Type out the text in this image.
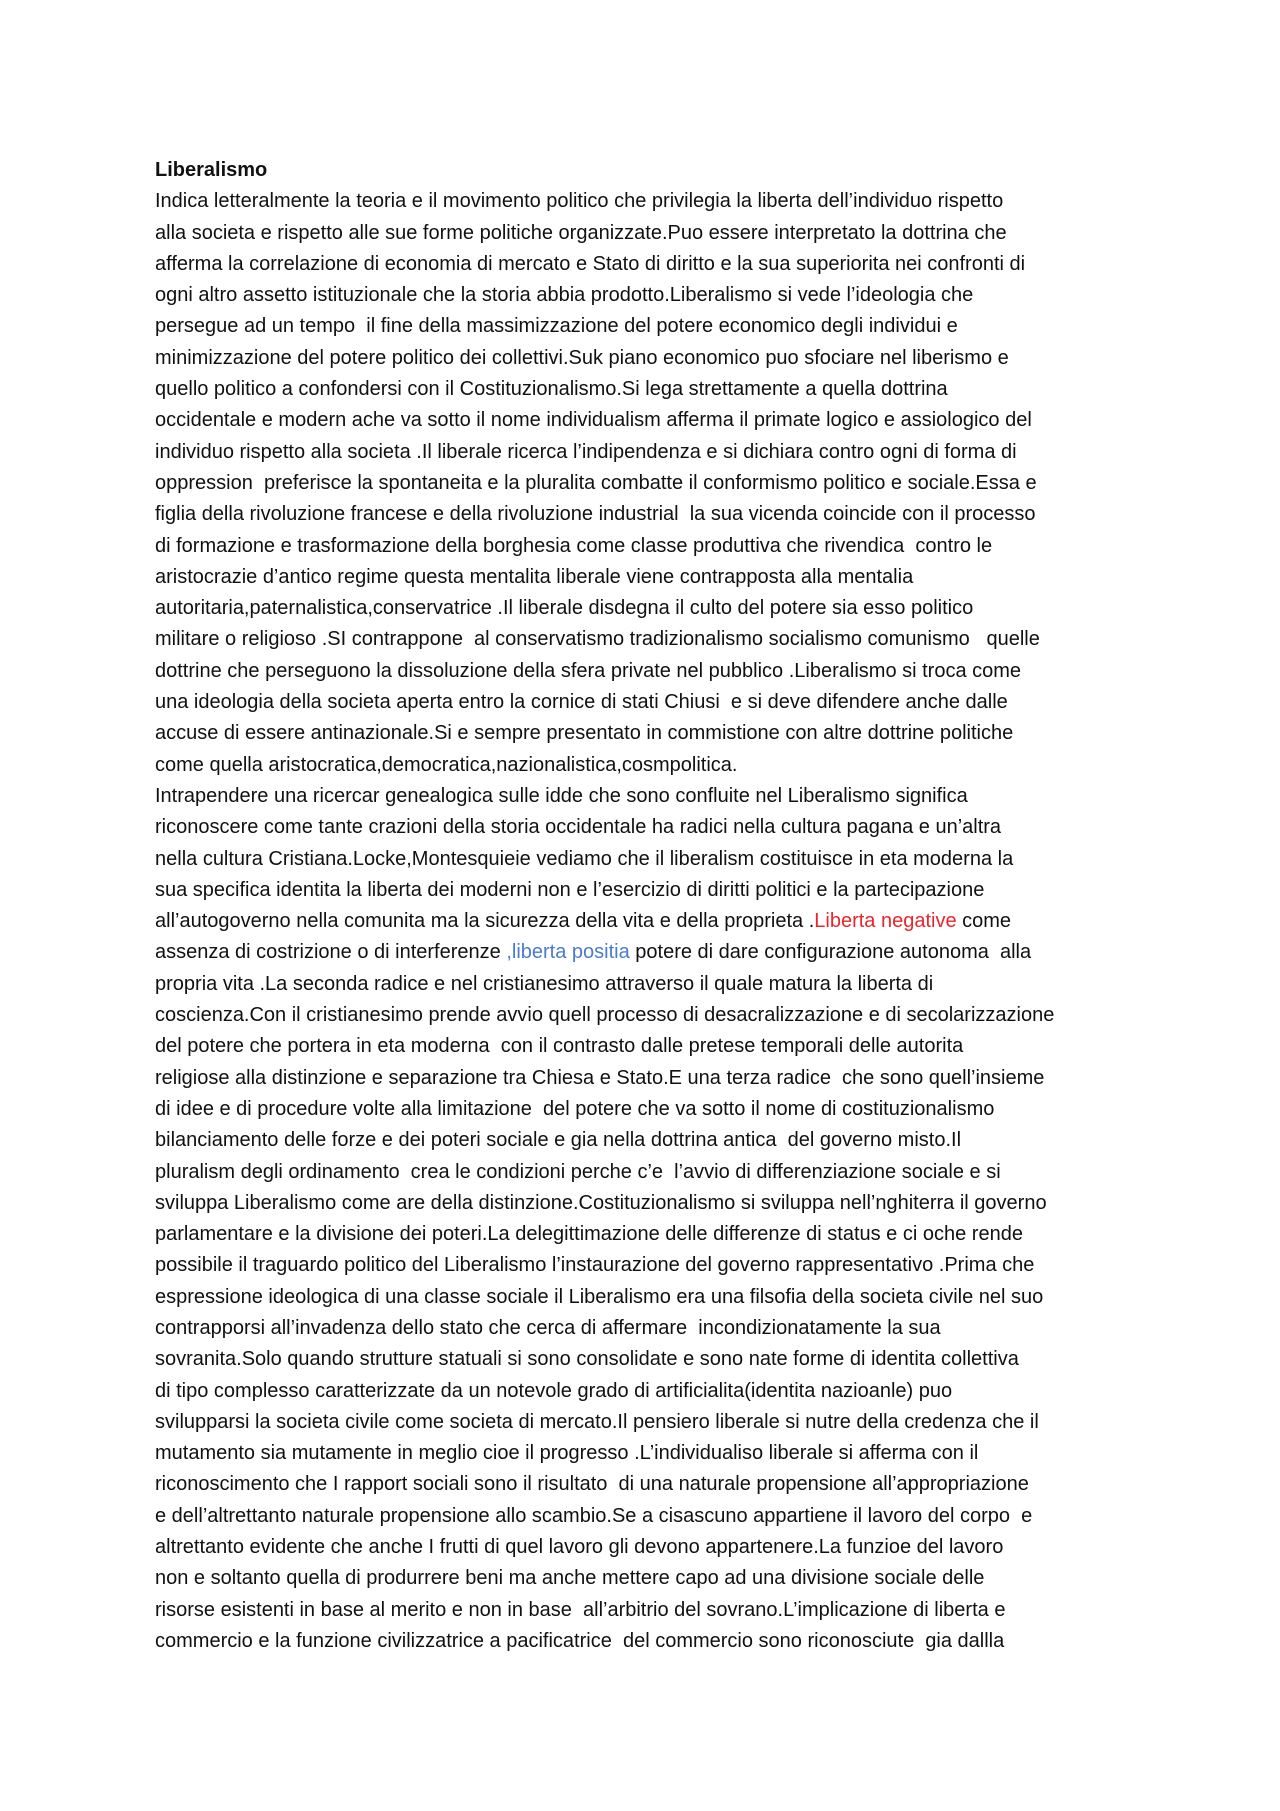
Liberalismo
Indica letteralmente la teoria e il movimento politico che privilegia la liberta dell’individuo rispetto
alla societa e rispetto alle sue forme politiche organizzate.Puo essere interpretato la dottrina che
afferma la correlazione di economia di mercato e Stato di diritto e la sua superiorita nei confronti di
ogni altro assetto istituzionale che la storia abbia prodotto.Liberalismo si vede l’ideologia che
persegue ad un tempo  il fine della massimizzazione del potere economico degli individui e
minimizzazione del potere politico dei collettivi.Suk piano economico puo sfociare nel liberismo e
quello politico a confondersi con il Costituzionalismo.Si lega strettamente a quella dottrina
occidentale e modern ache va sotto il nome individualism afferma il primate logico e assiologico del
individuo rispetto alla societa .Il liberale ricerca l’indipendenza e si dichiara contro ogni di forma di
oppression  preferisce la spontaneita e la pluralita combatte il conformismo politico e sociale.Essa e
figlia della rivoluzione francese e della rivoluzione industrial  la sua vicenda coincide con il processo
di formazione e trasformazione della borghesia come classe produttiva che rivendica  contro le
aristocrazie d’antico regime questa mentalita liberale viene contrapposta alla mentalia
autoritaria,paternalistica,conservatrice .Il liberale disdegna il culto del potere sia esso politico
militare o religioso .SI contrappone  al conservatismo tradizionalismo socialismo comunismo   quelle
dottrine che perseguono la dissoluzione della sfera private nel pubblico .Liberalismo si troca come
una ideologia della societa aperta entro la cornice di stati Chiusi  e si deve difendere anche dalle
accuse di essere antinazionale.Si e sempre presentato in commistione con altre dottrine politiche
come quella aristocratica,democratica,nazionalistica,cosmpolitica.
Intrapendere una ricercar genealogica sulle idde che sono confluite nel Liberalismo significa
riconoscere come tante crazioni della storia occidentale ha radici nella cultura pagana e un’altra
nella cultura Cristiana.Locke,Montesquieie vediamo che il liberalism costituisce in eta moderna la
sua specifica identita la liberta dei moderni non e l’esercizio di diritti politici e la partecipazione
all’autogoverno nella comunita ma la sicurezza della vita e della proprieta .Liberta negative come
assenza di costrizione o di interferenze ,liberta positia potere di dare configurazione autonoma  alla
propria vita .La seconda radice e nel cristianesimo attraverso il quale matura la liberta di
coscienza.Con il cristianesimo prende avvio quell processo di desacralizzazione e di secolarizzazione
del potere che portera in eta moderna  con il contrasto dalle pretese temporali delle autorita
religiose alla distinzione e separazione tra Chiesa e Stato.E una terza radice  che sono quell’insieme
di idee e di procedure volte alla limitazione  del potere che va sotto il nome di costituzionalismo
bilanciamento delle forze e dei poteri sociale e gia nella dottrina antica  del governo misto.Il
pluralism degli ordinamento  crea le condizioni perche c’e  l’avvio di differenziazione sociale e si
sviluppa Liberalismo come are della distinzione.Costituzionalismo si sviluppa nell’nghiterra il governo
parlamentare e la divisione dei poteri.La delegittimazione delle differenze di status e ci oche rende
possibile il traguardo politico del Liberalismo l’instaurazione del governo rappresentativo .Prima che
espressione ideologica di una classe sociale il Liberalismo era una filsofia della societa civile nel suo
contrapporsi all’invadenza dello stato che cerca di affermare  incondizionatamente la sua
sovranita.Solo quando strutture statuali si sono consolidate e sono nate forme di identita collettiva
di tipo complesso caratterizzate da un notevole grado di artificialita(identita nazioanle) puo
svilupparsi la societa civile come societa di mercato.Il pensiero liberale si nutre della credenza che il
mutamento sia mutamente in meglio cioe il progresso .L’individualiso liberale si afferma con il
riconoscimento che I rapport sociali sono il risultato  di una naturale propensione all’appropriazione
e dell’altrettanto naturale propensione allo scambio.Se a cisascuno appartiene il lavoro del corpo  e
altrettanto evidente che anche I frutti di quel lavoro gli devono appartenere.La funzioe del lavoro
non e soltanto quella di produrrere beni ma anche mettere capo ad una divisione sociale delle
risorse esistenti in base al merito e non in base  all’arbitrio del sovrano.L’implicazione di liberta e
commercio e la funzione civilizzatrice a pacificatrice  del commercio sono riconosciute  gia dallla
